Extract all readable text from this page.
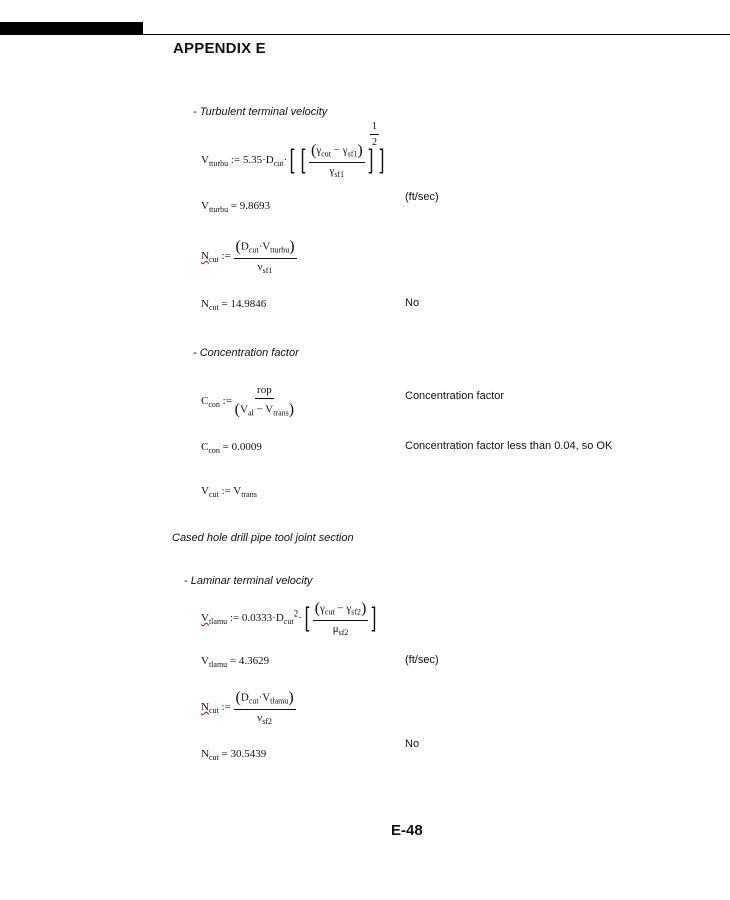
APPENDIX E
- Turbulent terminal velocity
$V_{tturbu}$ := $5.35\cdot D_{cut}\cdot$[ [ $\frac{(\gamma_{cut} - \gamma_{sf1})}{\gamma_{sf1}}$ ] ]
$\frac{1}{2}$
$V_{tturbu} = 9.8693$
(ft/sec)
$N_{cut}$ := $\frac{(D_{cut}\cdot V_{tturbu})}{\nu_{sf1}}$
$N_{cut} = 14.9846$	No
- Concentration factor
$C_{con}$ := $\frac{\text{rop}}{(V_{al} - V_{trans})}$	Concentration factor
$C_{con} = 0.0009$	Concentration factor less than 0.04, so OK
$V_{cut}$ := $V_{trans}$
Cased hole drill pipe tool joint section
- Laminar terminal velocity
$V_{tlamu}$ := $0.0333\cdot D_{cut}^2\cdot[ \frac{(\gamma_{cut} - \gamma_{sf2})}{\mu_{sf2}}$ ]
$V_{tlamu} = 4.3629$	(ft/sec)
$N_{cut}$ := $\frac{(D_{cut}\cdot V_{tlamu})}{\nu_{sf2}}$
$N_{cut} = 30.5439$
No
E-48
